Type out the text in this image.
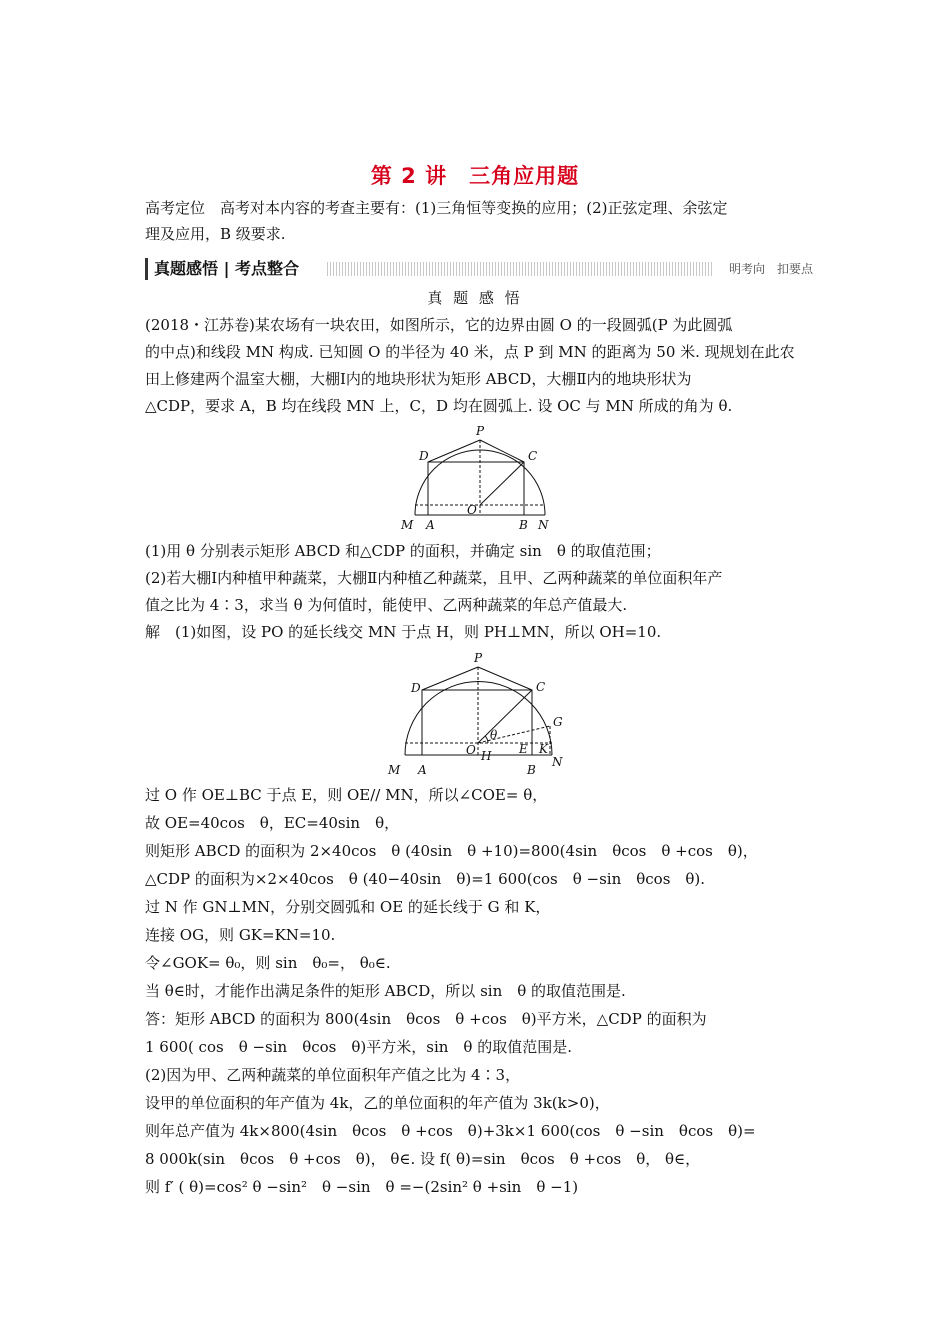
第 2 讲　三角应用题
高考定位　高考对本内容的考查主要有：(1)三角恒等变换的应用；(2)正弦定理、余弦定
理及应用，B 级要求.
真题感悟 | 考点整合	明考向　扣要点
真 题 感 悟
(2018・江苏卷)某农场有一块农田，如图所示，它的边界由圆 O 的一段圆弧(P 为此圆弧
的中点)和线段 MN 构成. 已知圆 O 的半径为 40 米，点 P 到 MN 的距离为 50 米. 现规划在此农
田上修建两个温室大棚，大棚Ⅰ内的地块形状为矩形 ABCD，大棚Ⅱ内的地块形状为
△CDP，要求 A，B 均在线段 MN 上，C，D 均在圆弧上. 设 OC 与 MN 所成的角为 θ.
P
D	C
O
M A	B N
(1)用 θ 分别表示矩形 ABCD 和△CDP 的面积，并确定 sin　θ 的取值范围；
(2)若大棚Ⅰ内种植甲种蔬菜，大棚Ⅱ内种植乙种蔬菜，且甲、乙两种蔬菜的单位面积年产
值之比为 4∶3，求当 θ 为何值时，能使甲、乙两种蔬菜的年总产值最大.
解　(1)如图，设 PO 的延长线交 MN 于点 H，则 PH⊥MN，所以 OH=10.
P
D	C
G
θ
O H E K
M A	B
N
过 O 作 OE⊥BC 于点 E，则 OE// MN，所以∠COE= θ，
故 OE=40cos　θ，EC=40sin　θ，
则矩形 ABCD 的面积为 2×40cos　θ (40sin　θ +10)=800(4sin　θcos　θ +cos　θ)，
△CDP 的面积为×2×40cos　θ (40−40sin　θ)=1 600(cos　θ −sin　θcos　θ).
过 N 作 GN⊥MN，分别交圆弧和 OE 的延长线于 G 和 K，
连接 OG，则 GK=KN=10.
令∠GOK= θ₀，则 sin　θ₀=， θ₀∈.
当 θ∈时，才能作出满足条件的矩形 ABCD，所以 sin　θ 的取值范围是.
答：矩形 ABCD 的面积为 800(4sin　θcos　θ +cos　θ)平方米，△CDP 的面积为
1 600( cos　θ −sin　θcos　θ)平方米，sin　θ 的取值范围是.
(2)因为甲、乙两种蔬菜的单位面积年产值之比为 4∶3，
设甲的单位面积的年产值为 4k，乙的单位面积的年产值为 3k(k>0)，
则年总产值为 4k×800(4sin　θcos　θ +cos　θ)+3k×1 600(cos　θ −sin　θcos　θ)=
8 000k(sin　θcos　θ +cos　θ)， θ∈. 设 f( θ)=sin　θcos　θ +cos　θ， θ∈，
则 f′ ( θ)=cos² θ −sin²　θ −sin　θ =−(2sin² θ +sin　θ −1)
